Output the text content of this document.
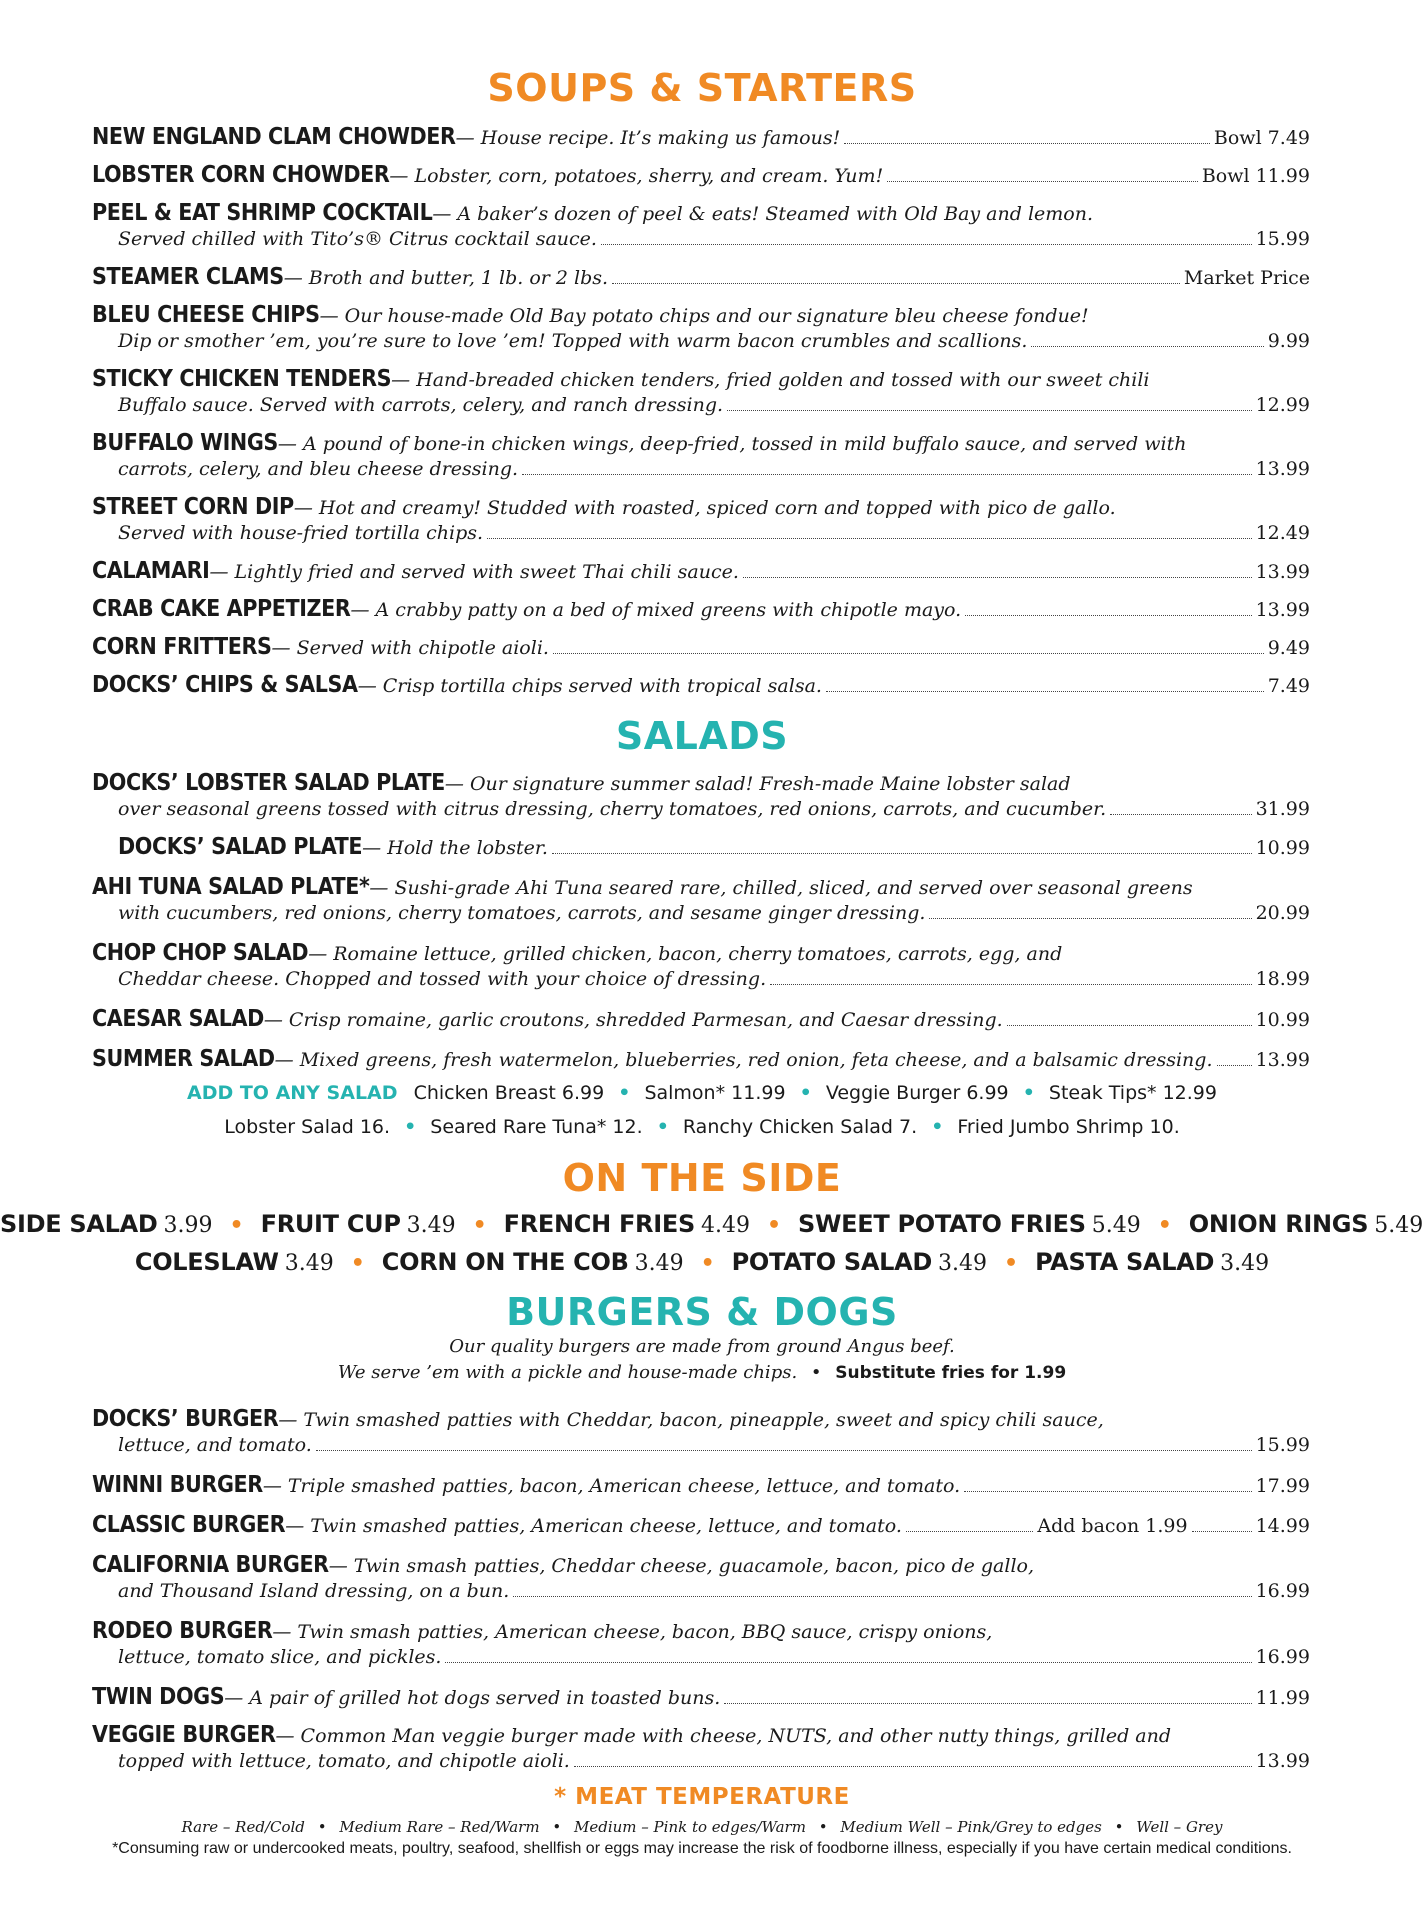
SOUPS & STARTERS
NEW ENGLAND CLAM CHOWDER — House recipe. It’s making us famous!	Bowl 7.49
LOBSTER CORN CHOWDER — Lobster, corn, potatoes, sherry, and cream. Yum!	Bowl 11.99
PEEL & EAT SHRIMP COCKTAIL — A baker’s dozen of peel & eats! Steamed with Old Bay and lemon.
Served chilled with Tito’s® Citrus cocktail sauce.	15.99
STEAMER CLAMS — Broth and butter, 1 lb. or 2 lbs.	Market Price
BLEU CHEESE CHIPS — Our house-made Old Bay potato chips and our signature bleu cheese fondue!
Dip or smother ’em, you’re sure to love ’em! Topped with warm bacon crumbles and scallions.	9.99
STICKY CHICKEN TENDERS — Hand-breaded chicken tenders, fried golden and tossed with our sweet chili
Buffalo sauce. Served with carrots, celery, and ranch dressing.	12.99
BUFFALO WINGS — A pound of bone-in chicken wings, deep-fried, tossed in mild buffalo sauce, and served with
carrots, celery, and bleu cheese dressing.	13.99
STREET CORN DIP — Hot and creamy! Studded with roasted, spiced corn and topped with pico de gallo.
Served with house-fried tortilla chips.	12.49
CALAMARI — Lightly fried and served with sweet Thai chili sauce.	13.99
CRAB CAKE APPETIZER — A crabby patty on a bed of mixed greens with chipotle mayo.	13.99
CORN FRITTERS — Served with chipotle aioli.	9.49
DOCKS’ CHIPS & SALSA — Crisp tortilla chips served with tropical salsa.	7.49
SALADS
DOCKS’ LOBSTER SALAD PLATE — Our signature summer salad! Fresh-made Maine lobster salad
over seasonal greens tossed with citrus dressing, cherry tomatoes, red onions, carrots, and cucumber.	31.99
DOCKS’ SALAD PLATE — Hold the lobster.	10.99
AHI TUNA SALAD PLATE* — Sushi-grade Ahi Tuna seared rare, chilled, sliced, and served over seasonal greens
with cucumbers, red onions, cherry tomatoes, carrots, and sesame ginger dressing.	20.99
CHOP CHOP SALAD — Romaine lettuce, grilled chicken, bacon, cherry tomatoes, carrots, egg, and
Cheddar cheese. Chopped and tossed with your choice of dressing.	18.99
CAESAR SALAD — Crisp romaine, garlic croutons, shredded Parmesan, and Caesar dressing.	10.99
SUMMER SALAD — Mixed greens, fresh watermelon, blueberries, red onion, feta cheese, and a balsamic dressing. 13.99
ADD TO ANY SALAD Chicken Breast 6.99 • Salmon* 11.99 • Veggie Burger 6.99 • Steak Tips* 12.99
Lobster Salad 16. • Seared Rare Tuna* 12. • Ranchy Chicken Salad 7. • Fried Jumbo Shrimp 10.
ON THE SIDE
SIDE SALAD 3.99 • FRUIT CUP 3.49 • FRENCH FRIES 4.49 • SWEET POTATO FRIES 5.49 • ONION RINGS 5.49
COLESLAW 3.49 • CORN ON THE COB 3.49 • POTATO SALAD 3.49 • PASTA SALAD 3.49
BURGERS & DOGS
Our quality burgers are made from ground Angus beef.
We serve ’em with a pickle and house-made chips. • Substitute fries for 1.99
DOCKS’ BURGER — Twin smashed patties with Cheddar, bacon, pineapple, sweet and spicy chili sauce,
lettuce, and tomato.	15.99
WINNI BURGER — Triple smashed patties, bacon, American cheese, lettuce, and tomato.	17.99
CLASSIC BURGER — Twin smashed patties, American cheese, lettuce, and tomato.	Add bacon 1.99	14.99
CALIFORNIA BURGER — Twin smash patties, Cheddar cheese, guacamole, bacon, pico de gallo,
and Thousand Island dressing, on a bun.	16.99
RODEO BURGER — Twin smash patties, American cheese, bacon, BBQ sauce, crispy onions,
lettuce, tomato slice, and pickles.	16.99
TWIN DOGS — A pair of grilled hot dogs served in toasted buns.	11.99
VEGGIE BURGER — Common Man veggie burger made with cheese, NUTS, and other nutty things, grilled and
topped with lettuce, tomato, and chipotle aioli.	13.99
* MEAT TEMPERATURE
Rare – Red/Cold • Medium Rare – Red/Warm • Medium – Pink to edges/Warm • Medium Well – Pink/Grey to edges • Well – Grey
*Consuming raw or undercooked meats, poultry, seafood, shellfish or eggs may increase the risk of foodborne illness, especially if you have certain medical conditions.
